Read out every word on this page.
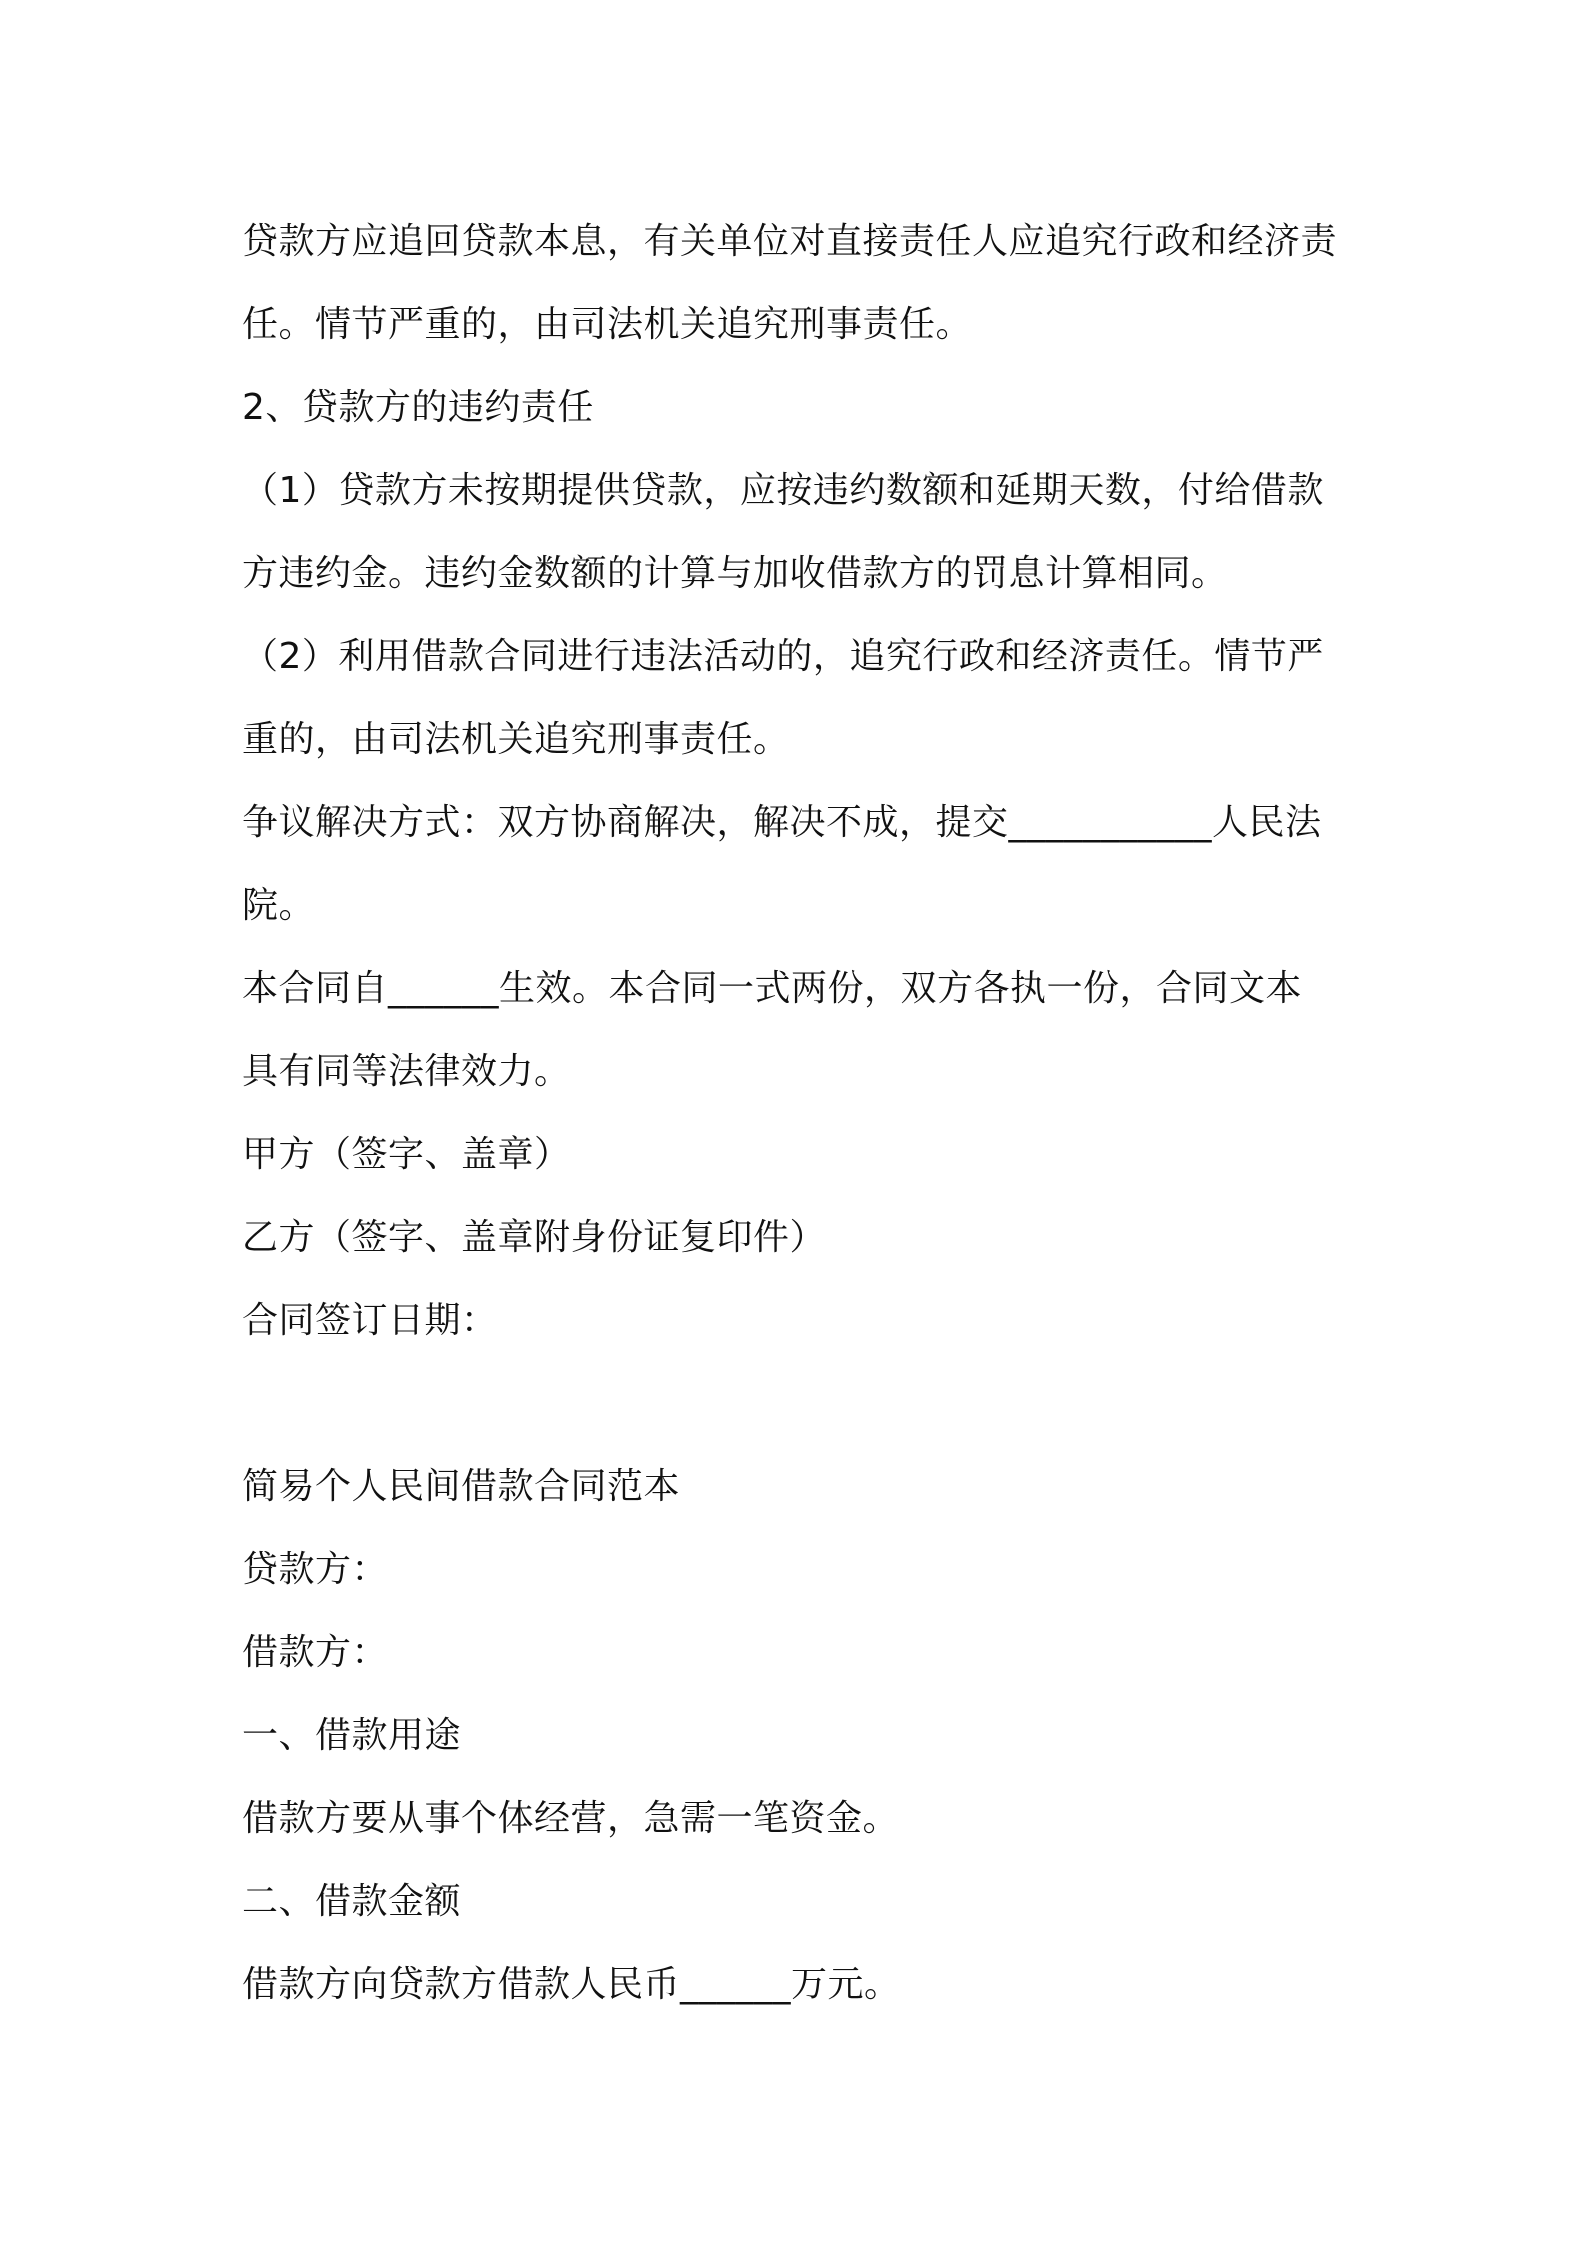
贷款方应追回贷款本息，有关单位对直接责任人应追究行政和经济责

任。情节严重的，由司法机关追究刑事责任。

2、贷款方的违约责任

（1）贷款方未按期提供贷款，应按违约数额和延期天数，付给借款

方违约金。违约金数额的计算与加收借款方的罚息计算相同。

（2）利用借款合同进行违法活动的，追究行政和经济责任。情节严

重的，由司法机关追究刑事责任。

争议解决方式：双方协商解决，解决不成，提交___________人民法

院。

本合同自______生效。本合同一式两份，双方各执一份，合同文本

具有同等法律效力。

甲方（签字、盖章）

乙方（签字、盖章附身份证复印件）

合同签订日期：

简易个人民间借款合同范本

贷款方：

借款方：

一、借款用途

借款方要从事个体经营，急需一笔资金。

二、借款金额

借款方向贷款方借款人民币______万元。
